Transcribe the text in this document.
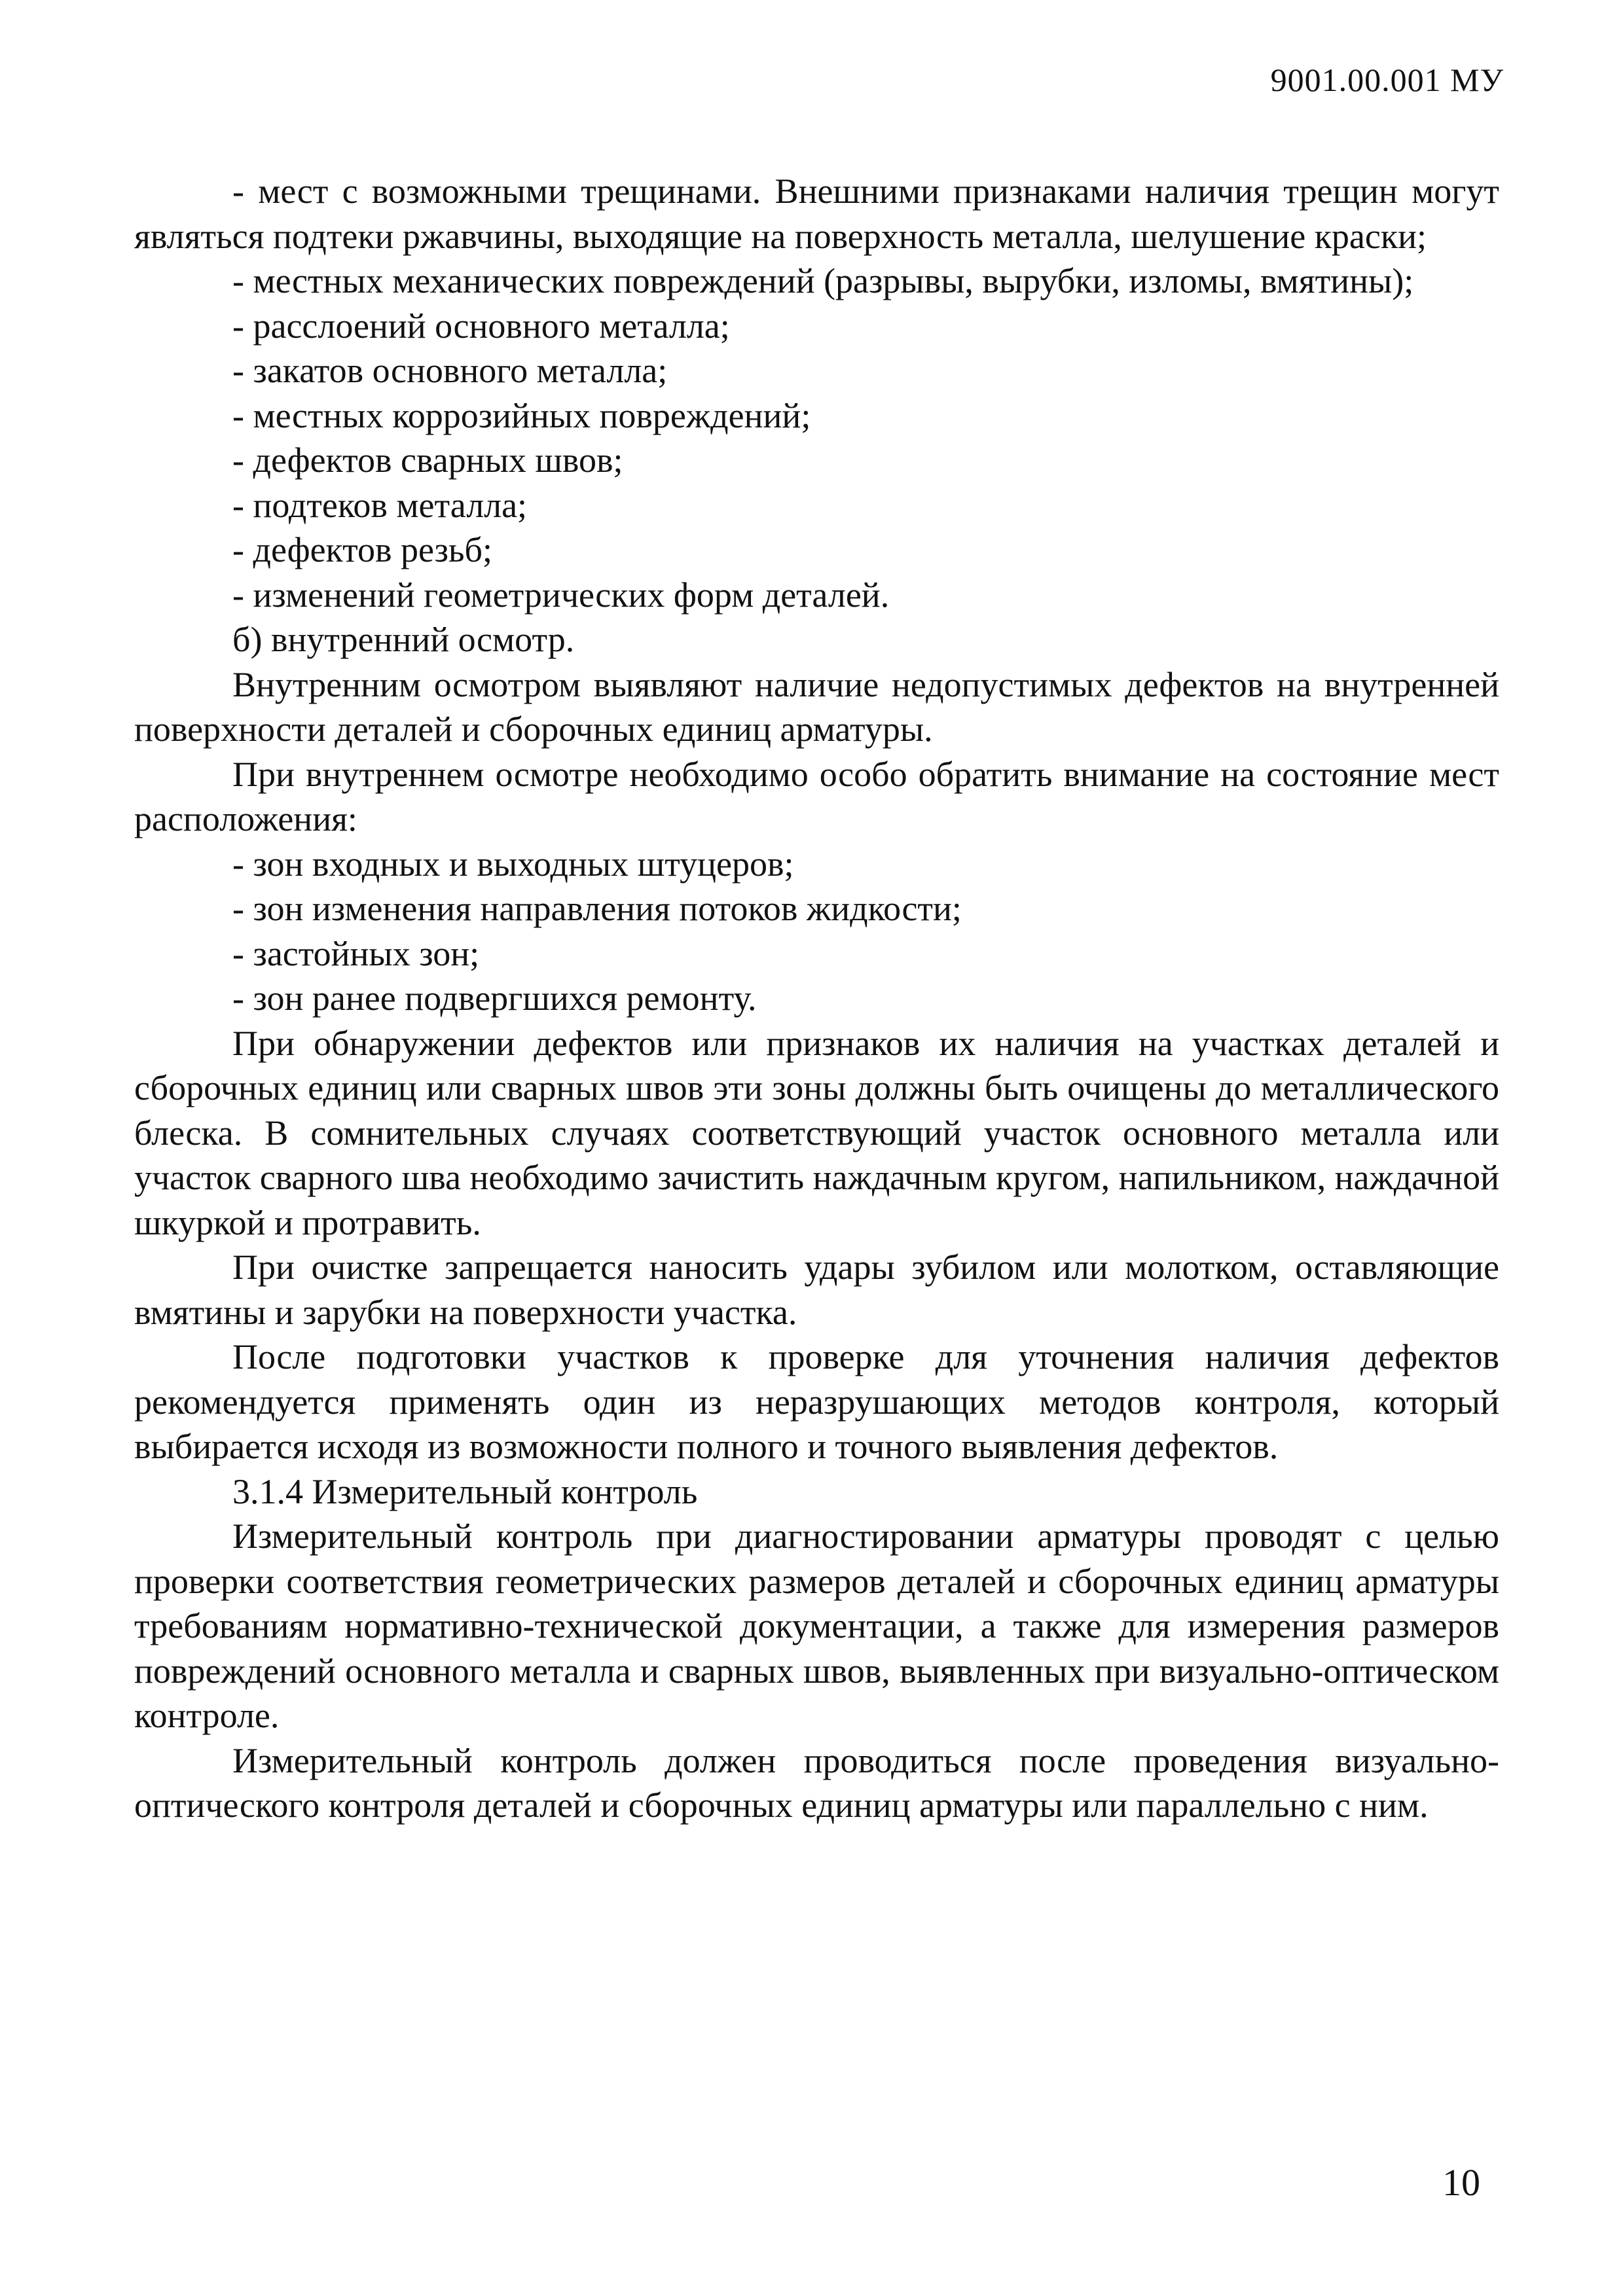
9001.00.001 МУ

- мест с возможными трещинами. Внешними признаками наличия трещин могут являться подтеки ржавчины, выходящие на поверхность металла, шелушение краски;

- местных механических повреждений (разрывы, вырубки, изломы, вмятины);

- расслоений основного металла;

- закатов основного металла;

- местных коррозийных повреждений;

- дефектов сварных швов;

- подтеков металла;

- дефектов резьб;

- изменений геометрических форм деталей.

б) внутренний осмотр.

Внутренним осмотром выявляют наличие недопустимых дефектов на внутренней поверхности деталей и сборочных единиц арматуры.

При внутреннем осмотре необходимо особо обратить внимание на состояние мест расположения:

- зон входных и выходных штуцеров;

- зон изменения направления потоков жидкости;

- застойных зон;

- зон ранее подвергшихся ремонту.

При обнаружении дефектов или признаков их наличия на участках деталей и сборочных единиц или сварных швов эти зоны должны быть очищены до металлического блеска. В сомнительных случаях соответствующий участок основного металла или участок сварного шва необходимо зачистить наждачным кругом, напильником, наждачной шкуркой и протравить.

При очистке запрещается наносить удары зубилом или молотком, оставляющие вмятины и зарубки на поверхности участка.

После подготовки участков к проверке для уточнения наличия дефектов рекомендуется применять один из неразрушающих методов контроля, который выбирается исходя из возможности полного и точного выявления дефектов.

3.1.4 Измерительный контроль

Измерительный контроль при диагностировании арматуры проводят с целью проверки соответствия геометрических размеров деталей и сборочных единиц арматуры требованиям нормативно-технической документации, а также для измерения размеров повреждений основного металла и сварных швов, выявленных при визуально-оптическом контроле.

Измерительный контроль должен проводиться после проведения визуально-оптического контроля деталей и сборочных единиц арматуры или параллельно с ним.

10
